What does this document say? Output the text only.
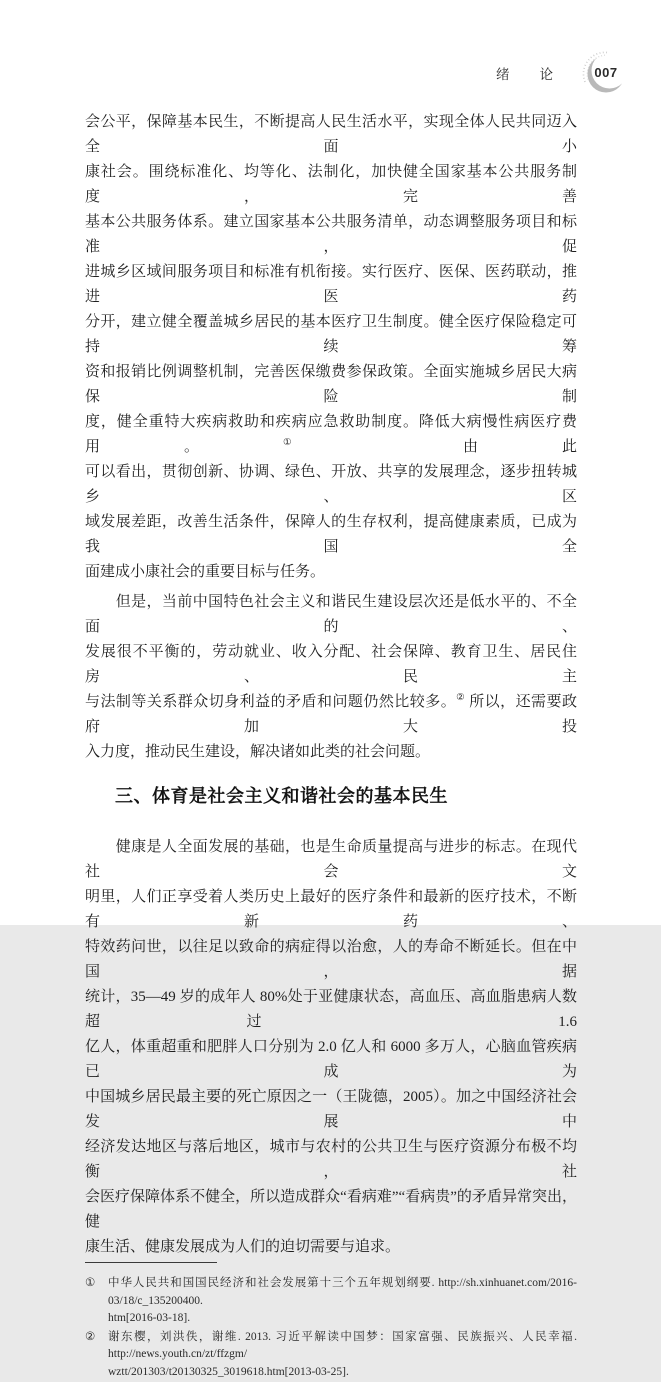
绪　　论	007
会公平，保障基本民生，不断提高人民生活水平，实现全体人民共同迈入全面小
康社会。围绕标准化、均等化、法制化，加快健全国家基本公共服务制度，完善
基本公共服务体系。建立国家基本公共服务清单，动态调整服务项目和标准，促
进城乡区域间服务项目和标准有机衔接。实行医疗、医保、医药联动，推进医药
分开，建立健全覆盖城乡居民的基本医疗卫生制度。健全医疗保险稳定可持续筹
资和报销比例调整机制，完善医保缴费参保政策。全面实施城乡居民大病保险制
度，健全重特大疾病救助和疾病应急救助制度。降低大病慢性病医疗费用。① 由此
可以看出，贯彻创新、协调、绿色、开放、共享的发展理念，逐步扭转城乡、区
域发展差距，改善生活条件，保障人的生存权利，提高健康素质，已成为我国全
面建成小康社会的重要目标与任务。
　　但是，当前中国特色社会主义和谐民生建设层次还是低水平的、不全面的、
发展很不平衡的，劳动就业、收入分配、社会保障、教育卫生、居民住房、民主
与法制等关系群众切身利益的矛盾和问题仍然比较多。② 所以，还需要政府加大投
入力度，推动民生建设，解决诸如此类的社会问题。
三、体育是社会主义和谐社会的基本民生
　　健康是人全面发展的基础，也是生命质量提高与进步的标志。在现代社会文
明里，人们正享受着人类历史上最好的医疗条件和最新的医疗技术，不断有新药、
特效药问世，以往足以致命的病症得以治愈，人的寿命不断延长。但在中国，据
统计，35—49 岁的成年人 80%处于亚健康状态，高血压、高血脂患病人数超过 1.6
亿人，体重超重和肥胖人口分别为 2.0 亿人和 6000 多万人，心脑血管疾病已成为
中国城乡居民最主要的死亡原因之一（王陇德，2005）。加之中国经济社会发展中
经济发达地区与落后地区，城市与农村的公共卫生与医疗资源分布极不均衡，社
会医疗保障体系不健全，所以造成群众“看病难”“看病贵”的矛盾异常突出，健
康生活、健康发展成为人们的迫切需要与追求。
①	中华人民共和国国民经济和社会发展第十三个五年规划纲要. http://sh.xinhuanet.com/2016-03/18/c_135200400.
htm[2016-03-18].
②	谢东樱，刘洪佚，谢维. 2013. 习近平解读中国梦：国家富强、民族振兴、人民幸福. http://news.youth.cn/zt/ffzgm/
wztt/201303/t20130325_3019618.htm[2013-03-25].
